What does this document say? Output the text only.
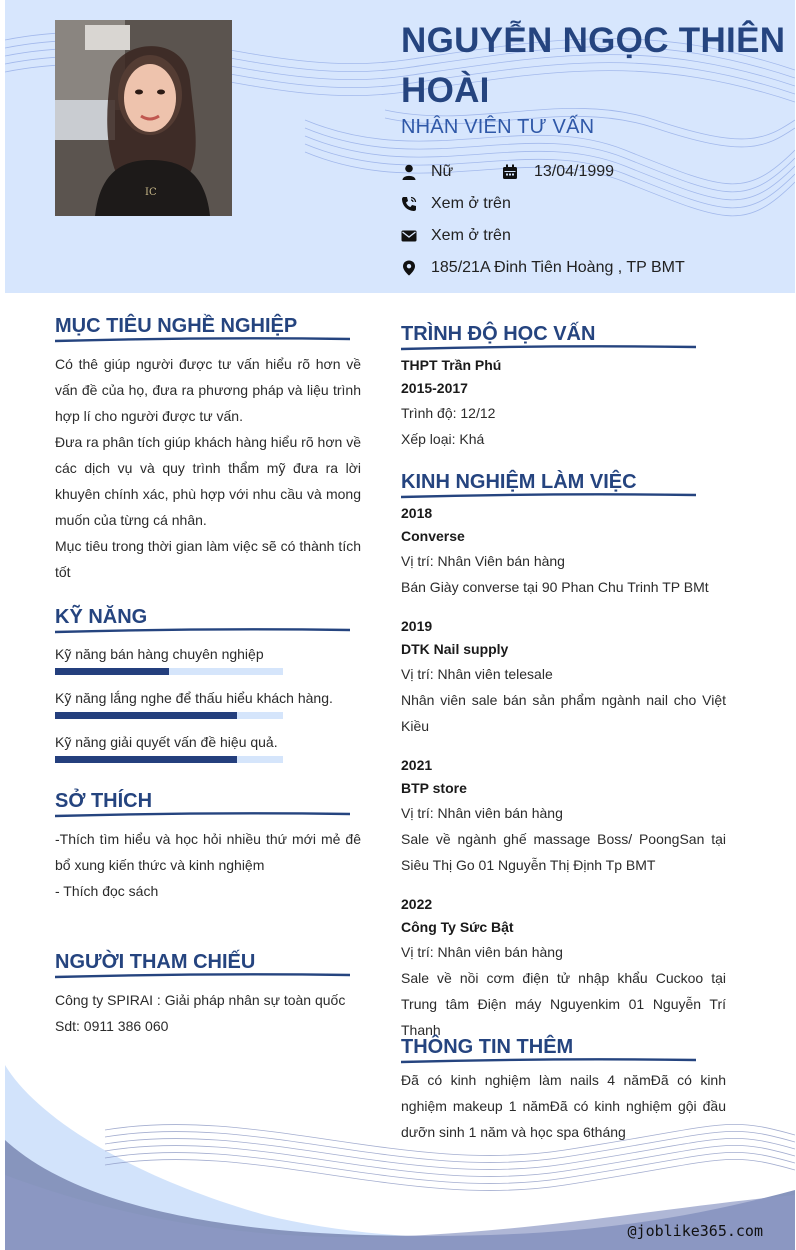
IC
NGUYỄN NGỌC THIÊN HOÀI
NHÂN VIÊN TƯ VẤN
Nữ	13/04/1999
Xem ở trên
Xem ở trên
185/21A Đinh Tiên Hoàng , TP BMT
MỤC TIÊU NGHỀ NGHIỆP

Có thê giúp người được tư vấn hiểu rõ hơn về vấn đề của họ, đưa ra phương pháp và liệu trình hợp lí cho người được tư vấn.

Đưa ra phân tích giúp khách hàng hiểu rõ hơn về các dịch vụ và quy trình thẩm mỹ đưa ra lời khuyên chính xác, phù hợp với nhu cầu và mong muốn của từng cá nhân.

Mục tiêu trong thời gian làm việc sẽ có thành tích tốt

KỸ NĂNG
Kỹ năng bán hàng chuyên nghiệp
Kỹ năng lắng nghe để thấu hiểu khách hàng.
Kỹ năng giải quyết vấn đề hiệu quả.
SỞ THÍCH

-Thích tìm hiểu và học hỏi nhiều thứ mới mẻ đê bổ xung kiến thức và kinh nghiệm

- Thích đọc sách

NGƯỜI THAM CHIẾU

Công ty SPIRAI : Giải pháp nhân sự toàn quốc

Sdt: 0911 386 060

TRÌNH ĐỘ HỌC VẤN
THPT Trần Phú
2015-2017
Trình độ: 12/12
Xếp loại: Khá
KINH NGHIỆM LÀM VIỆC
2018
Converse
Vị trí: Nhân Viên bán hàng

Bán Giày converse tại 90 Phan Chu Trinh TP BMt

2019
DTK Nail supply
Vị trí: Nhân viên telesale

Nhân viên sale bán sản phẩm ngành nail cho Việt Kiều

2021
BTP store
Vị trí: Nhân viên bán hàng

Sale về ngành ghế massage Boss/ PoongSan tại Siêu Thị Go 01 Nguyễn Thị Định Tp BMT

2022
Công Ty Sức Bật
Vị trí: Nhân viên bán hàng

Sale về nồi cơm điện tử nhập khẩu Cuckoo tại Trung tâm Điện máy Nguyenkim 01 Nguyễn Trí Thanh

THÔNG TIN THÊM

Đã có kinh nghiệm làm nails 4 nămĐã có kinh nghiệm makeup 1 nămĐã có kinh nghiệm gội đầu dưỡn sinh 1 năm và học spa 6tháng

@joblike365.com
